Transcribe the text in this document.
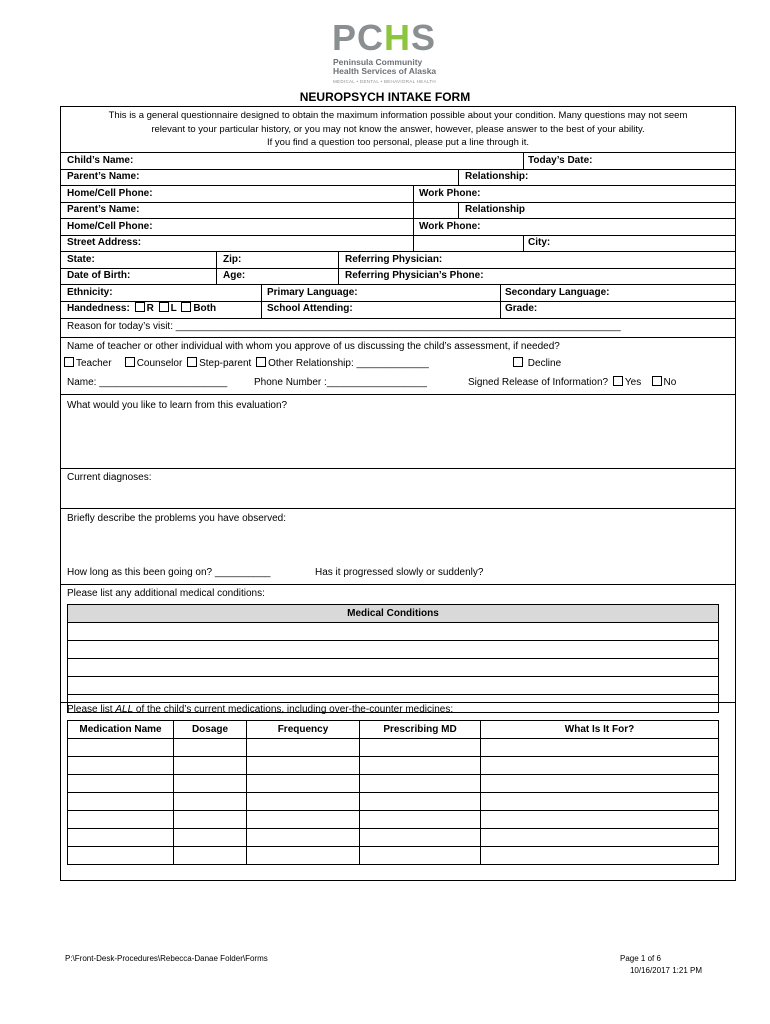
PCHS
Peninsula Community
Health Services of Alaska
MEDICAL • DENTAL • BEHAVIORAL HEALTH
NEUROPSYCH INTAKE FORM
This is a general questionnaire designed to obtain the maximum information possible about your condition. Many questions may not seem
relevant to your particular history, or you may not know the answer, however, please answer to the best of your ability.
If you find a question too personal, please put a line through it.
Child’s Name:	Today’s Date:
Parent’s Name:	Relationship:
Home/Cell Phone:	Work Phone:
Parent’s Name:	Relationship
Home/Cell Phone:	Work Phone:
Street Address:	City:
State:	Zip:	Referring Physician:
Date of Birth:	Age:	Referring Physician’s Phone:
Ethnicity:	Primary Language:	Secondary Language:
Handedness: R L Both	School Attending:	Grade:
Reason for today’s visit: ________________________________________________________________________________
Name of teacher or other individual with whom you approve of us discussing the child’s assessment, if needed?
Teacher	Counselor Step-parent Other Relationship: _____________	Decline
Name: _______________________	Phone Number :__________________	Signed Release of Information? Yes No
What would you like to learn from this evaluation?
Current diagnoses:
Briefly describe the problems you have observed:
How long as this been going on? __________	Has it progressed slowly or suddenly?
Please list any additional medical conditions:
Medical Conditions

Please list ALL of the child’s current medications, including over-the-counter medicines:
Medication Name	Dosage	Frequency	Prescribing MD	What Is It For?

P:\Front-Desk-Procedures\Rebecca-Danae Folder\Forms	Page 1 of 6
10/16/2017 1:21 PM
